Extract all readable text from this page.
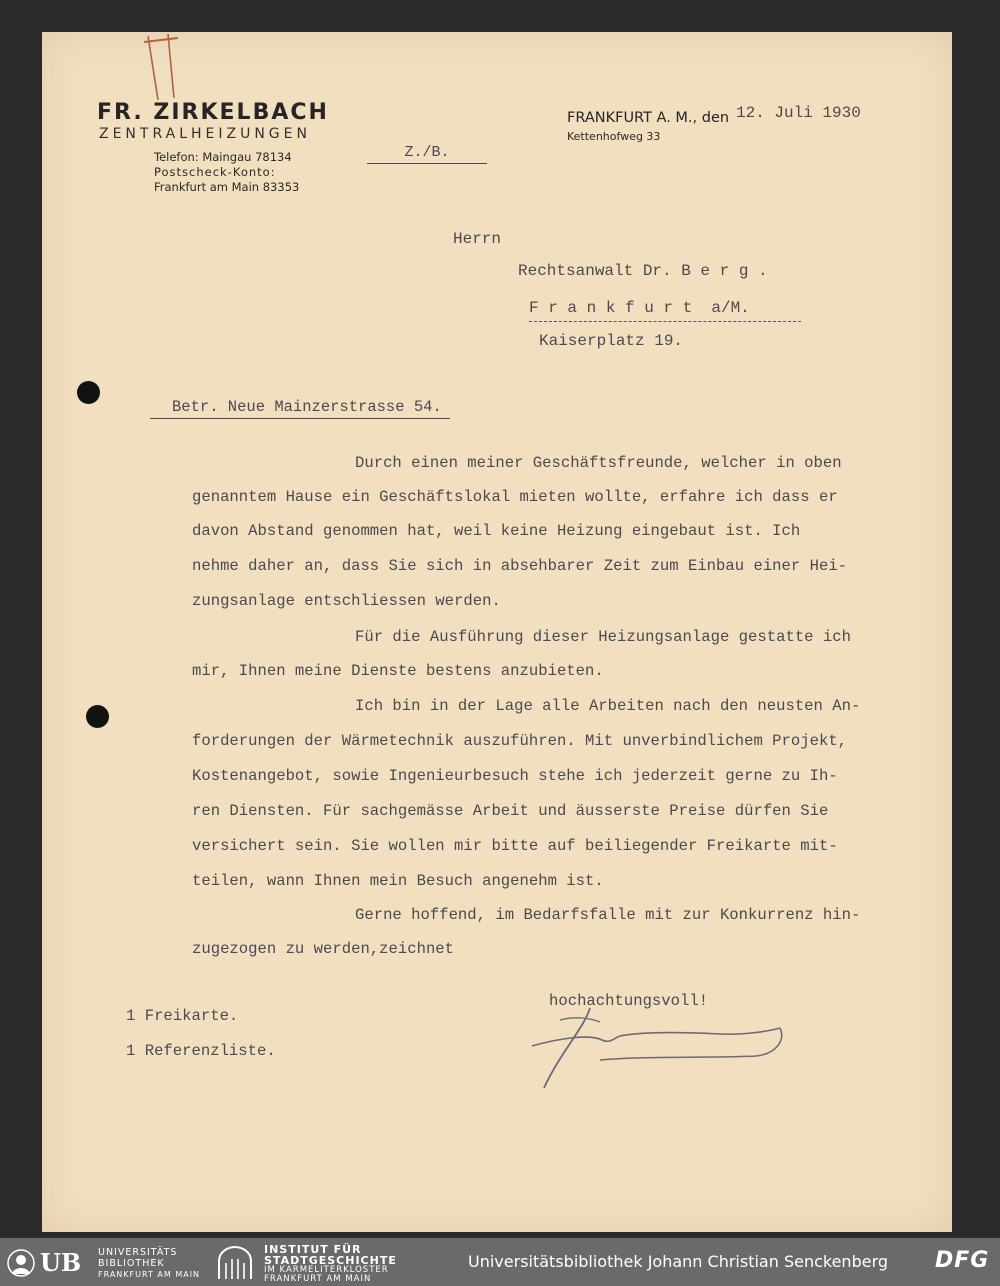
FR. ZIRKELBACH
ZENTRALHEIZUNGEN
Telefon: Maingau 78134
Postscheck-Konto:
Frankfurt am Main 83353
Z./B.
FRANKFURT A. M., den 12. Juli 1930
Kettenhofweg 33
Herrn
Rechtsanwalt Dr. B e r g .
F r a n k f u r t  a/M.
Kaiserplatz 19.
Betr. Neue Mainzerstrasse 54.
Durch einen meiner Geschäftsfreunde, welcher in oben
genanntem Hause ein Geschäftslokal mieten wollte, erfahre ich dass er
davon Abstand genommen hat, weil keine Heizung eingebaut ist. Ich
nehme daher an, dass Sie sich in absehbarer Zeit zum Einbau einer Hei-
zungsanlage entschliessen werden.
Für die Ausführung dieser Heizungsanlage gestatte ich
mir, Ihnen meine Dienste bestens anzubieten.
Ich bin in der Lage alle Arbeiten nach den neusten An-
forderungen der Wärmetechnik auszuführen. Mit unverbindlichem Projekt,
Kostenangebot, sowie Ingenieurbesuch stehe ich jederzeit gerne zu Ih-
ren Diensten. Für sachgemässe Arbeit und äusserste Preise dürfen Sie
versichert sein. Sie wollen mir bitte auf beiliegender Freikarte mit-
teilen, wann Ihnen mein Besuch angenehm ist.
Gerne hoffend, im Bedarfsfalle mit zur Konkurrenz hin-
zugezogen zu werden,zeichnet
hochachtungsvoll!
1 Freikarte.
1 Referenzliste.
UB UNIVERSITÄTS
BIBLIOTHEK
FRANKFURT AM MAIN
INSTITUT FÜR
STADTGESCHICHTE
IM KARMELITERKLOSTER
FRANKFURT AM MAIN
Universitätsbibliothek Johann Christian Senckenberg DFG
